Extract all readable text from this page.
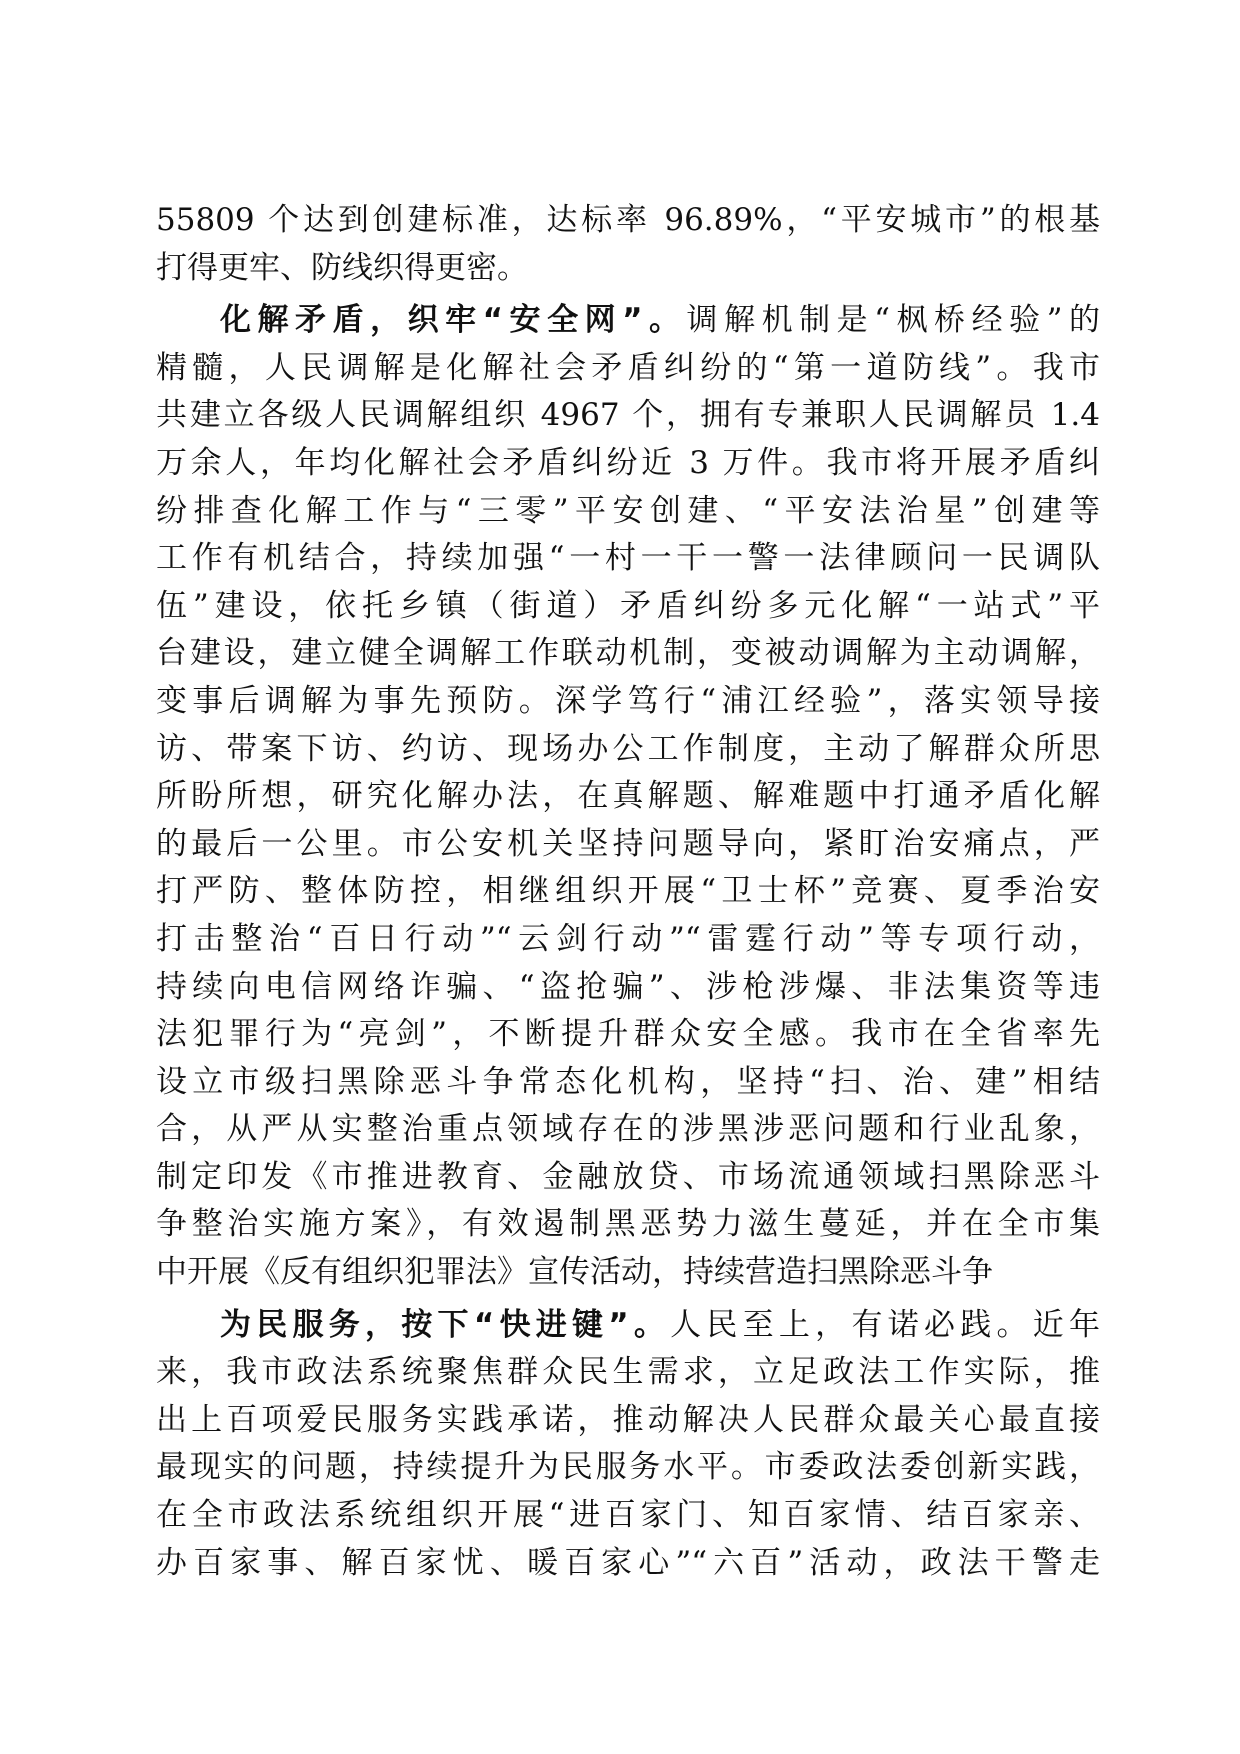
55809 个达到创建标准，达标率 96.89%，“平安城市”的根基
打得更牢、防线织得更密。
化解矛盾，织牢“安全网”。调解机制是“枫桥经验”的
精髓，人民调解是化解社会矛盾纠纷的“第一道防线”。我市
共建立各级人民调解组织 4967 个，拥有专兼职人民调解员 1.4
万余人，年均化解社会矛盾纠纷近 3 万件。我市将开展矛盾纠
纷排查化解工作与“三零”平安创建、“平安法治星”创建等
工作有机结合，持续加强“一村一干一警一法律顾问一民调队
伍”建设，依托乡镇（街道）矛盾纠纷多元化解“一站式”平
台建设，建立健全调解工作联动机制，变被动调解为主动调解，
变事后调解为事先预防。深学笃行“浦江经验”，落实领导接
访、带案下访、约访、现场办公工作制度，主动了解群众所思
所盼所想，研究化解办法，在真解题、解难题中打通矛盾化解
的最后一公里。市公安机关坚持问题导向，紧盯治安痛点，严
打严防、整体防控，相继组织开展“卫士杯”竞赛、夏季治安
打击整治“百日行动”“云剑行动”“雷霆行动”等专项行动，
持续向电信网络诈骗、“盗抢骗”、涉枪涉爆、非法集资等违
法犯罪行为“亮剑”，不断提升群众安全感。我市在全省率先
设立市级扫黑除恶斗争常态化机构，坚持“扫、治、建”相结
合，从严从实整治重点领域存在的涉黑涉恶问题和行业乱象，
制定印发《市推进教育、金融放贷、市场流通领域扫黑除恶斗
争整治实施方案》，有效遏制黑恶势力滋生蔓延，并在全市集
中开展《反有组织犯罪法》宣传活动，持续营造扫黑除恶斗争
为民服务，按下“快进键”。人民至上，有诺必践。近年
来，我市政法系统聚焦群众民生需求，立足政法工作实际，推
出上百项爱民服务实践承诺，推动解决人民群众最关心最直接
最现实的问题，持续提升为民服务水平。市委政法委创新实践，
在全市政法系统组织开展“进百家门、知百家情、结百家亲、
办百家事、解百家忧、暖百家心”“六百”活动，政法干警走
